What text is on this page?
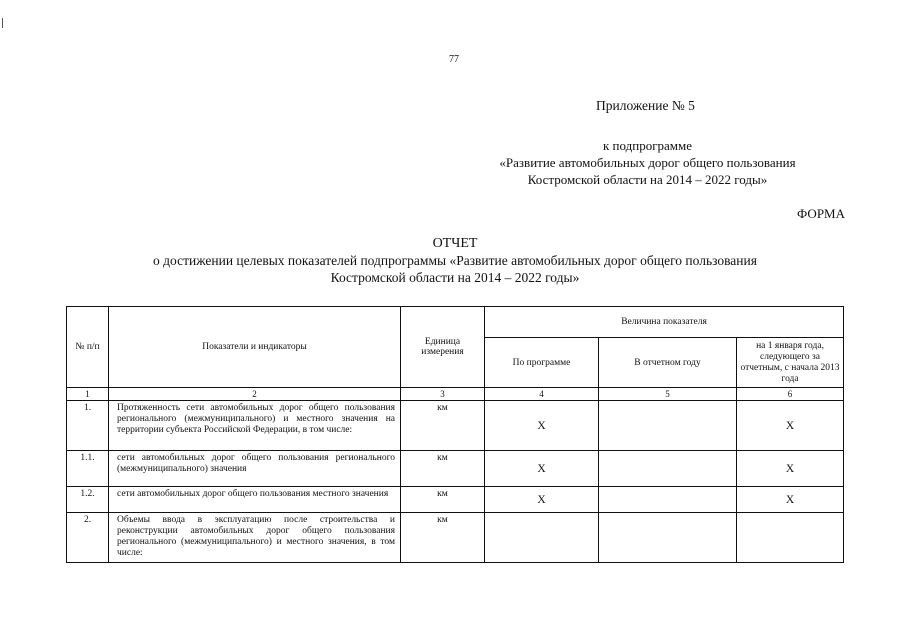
77
Приложение № 5
к подпрограмме
«Развитие автомобильных дорог общего пользования
Костромской области на 2014 – 2022 годы»
ФОРМА
ОТЧЕТ
о достижении целевых показателей подпрограммы «Развитие автомобильных дорог общего пользования
Костромской области на 2014 – 2022 годы»
№ п/п	Показатели и индикаторы	Единица измерения	Величина показателя		
			По программе	В отчетном году	на 1 января года, следующего за отчетным, с начала 2013 года
1	2	3	4	5	6
1.	Протяженность сети автомобильных дорог общего пользования регионального (межмуниципального) и местного значения на территории субъекта Российской Федерации, в том числе:	км	Х		Х
1.1.	сети автомобильных дорог общего пользования регионального (межмуниципального) значения	км	Х		Х
1.2.	сети автомобильных дорог общего пользования местного значения	км	Х		Х
2.	Объемы ввода в эксплуатацию после строительства и реконструкции автомобильных дорог общего пользования регионального (межмуниципального) и местного значения, в том числе:	км			
